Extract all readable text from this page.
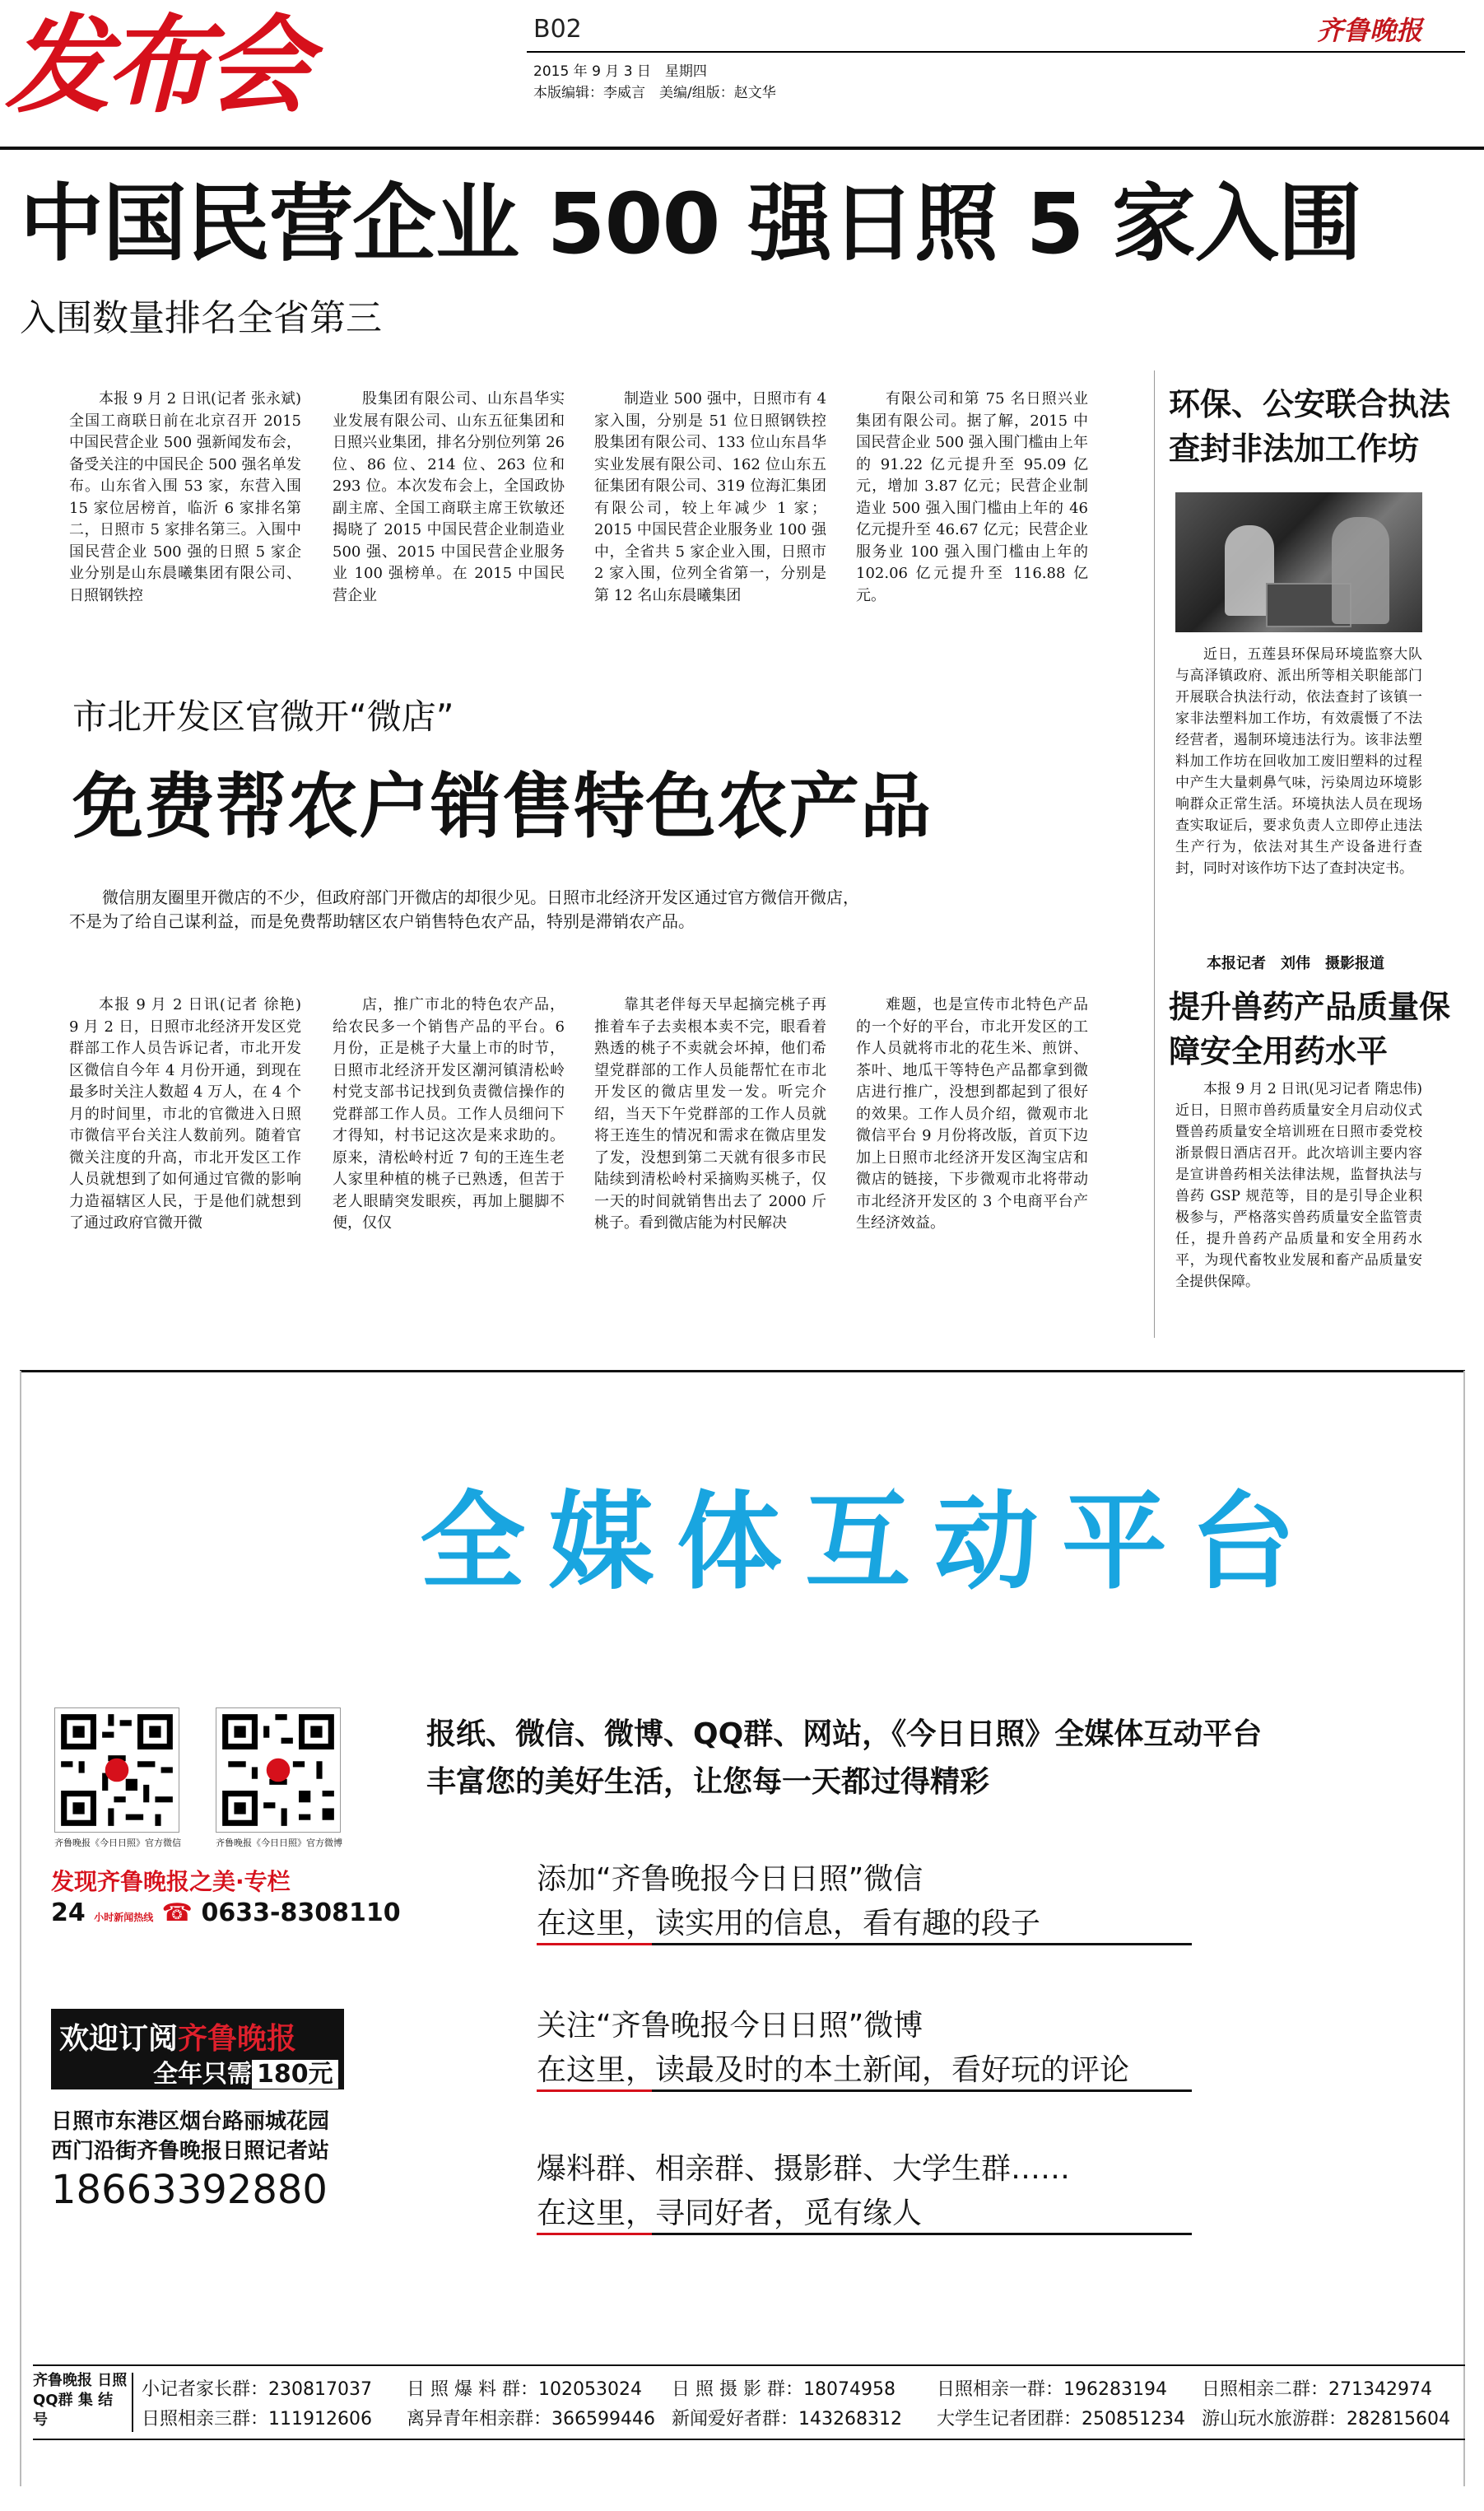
发布会	B02
2015 年 9 月 3 日　星期四
本版编辑：李威言　美编/组版：赵文华
齐鲁晚报
中国民营企业 500 强日照 5 家入围
入围数量排名全省第三

本报 9 月 2 日讯(记者 张永斌)　全国工商联日前在北京召开 2015 中国民营企业 500 强新闻发布会，备受关注的中国民企 500 强名单发布。山东省入围 53 家，东营入围 15 家位居榜首，临沂 6 家排名第二，日照市 5 家排名第三。入围中国民营企业 500 强的日照 5 家企业分别是山东晨曦集团有限公司、日照钢铁控

股集团有限公司、山东昌华实业发展有限公司、山东五征集团和日照兴业集团，排名分别位列第 26 位、86 位、214 位、263 位和 293 位。本次发布会上，全国政协副主席、全国工商联主席王钦敏还揭晓了 2015 中国民营企业制造业 500 强、2015 中国民营企业服务业 100 强榜单。在 2015 中国民营企业

制造业 500 强中，日照市有 4 家入围，分别是 51 位日照钢铁控股集团有限公司、133 位山东昌华实业发展有限公司、162 位山东五征集团有限公司、319 位海汇集团有限公司，较上年减少 1 家；2015 中国民营企业服务业 100 强中，全省共 5 家企业入围，日照市 2 家入围，位列全省第一，分别是第 12 名山东晨曦集团

有限公司和第 75 名日照兴业集团有限公司。据了解，2015 中国民营企业 500 强入围门槛由上年的 91.22 亿元提升至 95.09 亿元，增加 3.87 亿元；民营企业制造业 500 强入围门槛由上年的 46 亿元提升至 46.67 亿元；民营企业服务业 100 强入围门槛由上年的 102.06 亿元提升至 116.88 亿元。

市北开发区官微开“微店”
免费帮农户销售特色农产品
微信朋友圈里开微店的不少，但政府部门开微店的却很少见。日照市北经济开发区通过官方微信开微店，不是为了给自己谋利益，而是免费帮助辖区农户销售特色农产品，特别是滞销农产品。

本报 9 月 2 日讯(记者 徐艳)　9 月 2 日，日照市北经济开发区党群部工作人员告诉记者，市北开发区微信自今年 4 月份开通，到现在最多时关注人数超 4 万人，在 4 个月的时间里，市北的官微进入日照市微信平台关注人数前列。随着官微关注度的升高，市北开发区工作人员就想到了如何通过官微的影响力造福辖区人民，于是他们就想到了通过政府官微开微

店，推广市北的特色农产品，给农民多一个销售产品的平台。6 月份，正是桃子大量上市的时节，日照市北经济开发区潮河镇清松岭村党支部书记找到负责微信操作的党群部工作人员。工作人员细问下才得知，村书记这次是来求助的。原来，清松岭村近 7 旬的王连生老人家里种植的桃子已熟透，但苦于老人眼睛突发眼疾，再加上腿脚不便，仅仅

靠其老伴每天早起摘完桃子再推着车子去卖根本卖不完，眼看着熟透的桃子不卖就会坏掉，他们希望党群部的工作人员能帮忙在市北开发区的微店里发一发。听完介绍，当天下午党群部的工作人员就将王连生的情况和需求在微店里发了发，没想到第二天就有很多市民陆续到清松岭村采摘购买桃子，仅一天的时间就销售出去了 2000 斤桃子。看到微店能为村民解决

难题，也是宣传市北特色产品的一个好的平台，市北开发区的工作人员就将市北的花生米、煎饼、茶叶、地瓜干等特色产品都拿到微店进行推广，没想到都起到了很好的效果。工作人员介绍，微观市北微信平台 9 月份将改版，首页下边加上日照市北经济开发区淘宝店和微店的链接，下步微观市北将带动市北经济开发区的 3 个电商平台产生经济效益。

环保、公安联合执法查封非法加工作坊

近日，五莲县环保局环境监察大队与高泽镇政府、派出所等相关职能部门开展联合执法行动，依法查封了该镇一家非法塑料加工作坊，有效震慑了不法经营者，遏制环境违法行为。该非法塑料加工作坊在回收加工废旧塑料的过程中产生大量刺鼻气味，污染周边环境影响群众正常生活。环境执法人员在现场查实取证后，要求负责人立即停止违法生产行为，依法对其生产设备进行查封，同时对该作坊下达了查封决定书。

本报记者　刘伟　摄影报道
提升兽药产品质量保障安全用药水平

本报 9 月 2 日讯(见习记者 隋忠伟)　近日，日照市兽药质量安全月启动仪式暨兽药质量安全培训班在日照市委党校浙景假日酒店召开。此次培训主要内容是宣讲兽药相关法律法规，监督执法与兽药 GSP 规范等，目的是引导企业积极参与，严格落实兽药质量安全监管责任，提升兽药产品质量和安全用药水平，为现代畜牧业发展和畜产品质量安全提供保障。

全媒体互动平台
报纸、微信、微博、QQ群、网站，《今日日照》全媒体互动平台
丰富您的美好生活，让您每一天都过得精彩
添加“齐鲁晚报今日日照”微信
在这里，读实用的信息，看有趣的段子
关注“齐鲁晚报今日日照”微博
在这里，读最及时的本土新闻，看好玩的评论
爆料群、相亲群、摄影群、大学生群……
在这里，寻同好者，觅有缘人
齐鲁晚报《今日日照》官方微信	齐鲁晚报《今日日照》官方微博
发现齐鲁晚报之美·专栏
24 小时新闻热线 ☎ 0633-8308110
欢迎订阅齐鲁晚报
全年只需 180元
日照市东港区烟台路丽城花园
西门沿街齐鲁晚报日照记者站
18663392880
齐鲁晚报 日照QQ群 集 结 号
小记者家长群：230817037	日 照 爆 料 群：102053024	日 照 摄 影 群：18074958	日照相亲一群：196283194	日照相亲二群：271342974
日照相亲三群：111912606	离异青年相亲群：366599446 新闻爱好者群：143268312	大学生记者团群：250851234 游山玩水旅游群：282815604
